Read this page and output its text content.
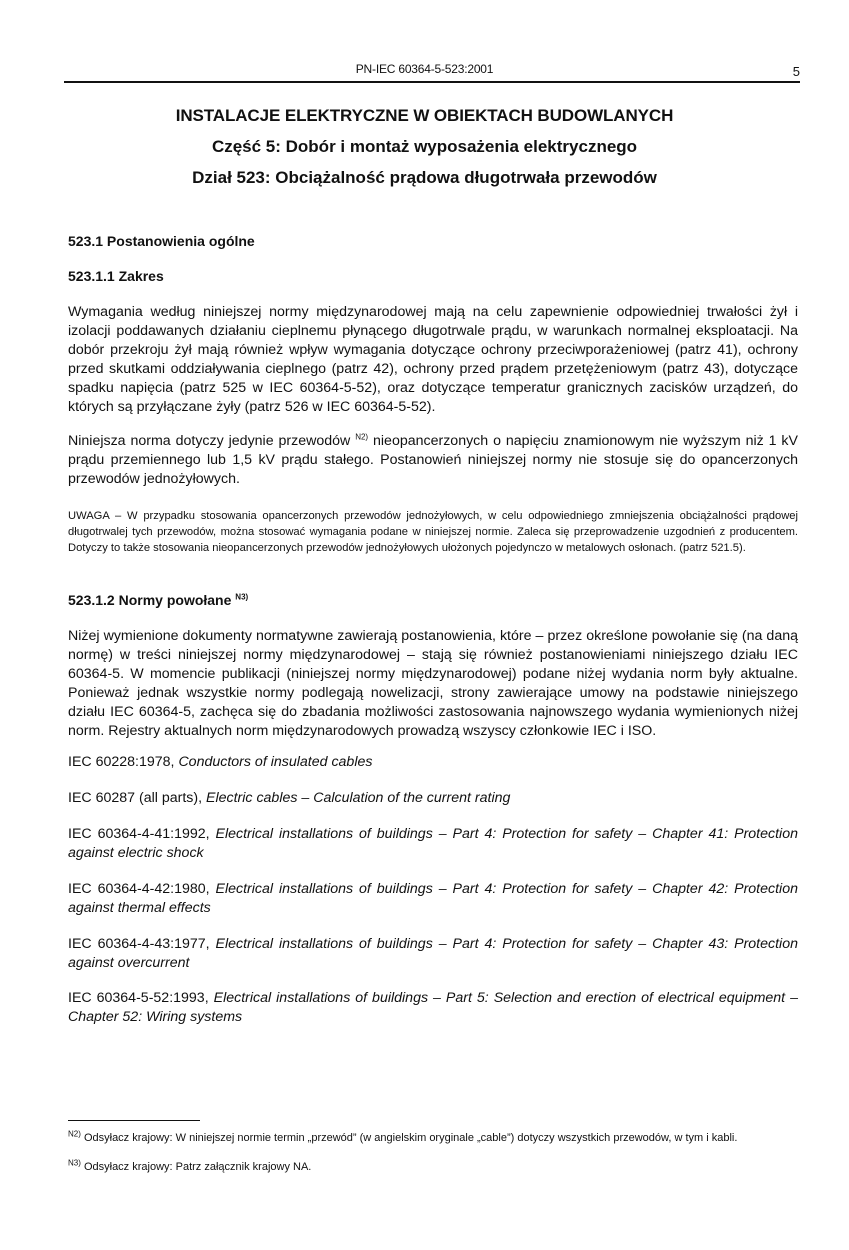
PN-IEC 60364-5-523:2001	5
INSTALACJE ELEKTRYCZNE W OBIEKTACH BUDOWLANYCH
Część 5: Dobór i montaż wyposażenia elektrycznego
Dział 523: Obciążalność prądowa długotrwała przewodów
523.1 Postanowienia ogólne
523.1.1 Zakres
Wymagania według niniejszej normy międzynarodowej mają na celu zapewnienie odpowiedniej trwałości żył i izolacji poddawanych działaniu cieplnemu płynącego długotrwale prądu, w warunkach normalnej eksploatacji. Na dobór przekroju żył mają również wpływ wymagania dotyczące ochrony przeciwporażeniowej (patrz 41), ochrony przed skutkami oddziaływania cieplnego (patrz 42), ochrony przed prądem przetężeniowym (patrz 43), dotyczące spadku napięcia (patrz 525 w IEC 60364-5-52), oraz dotyczące temperatur granicznych zacisków urządzeń, do których są przyłączane żyły (patrz 526 w IEC 60364-5-52).
Niniejsza norma dotyczy jedynie przewodów $^{N2)}$ nieopancerzonych o napięciu znamionowym nie wyższym niż 1 kV prądu przemiennego lub 1,5 kV prądu stałego. Postanowień niniejszej normy nie stosuje się do opancerzonych przewodów jednożyłowych.
UWAGA – W przypadku stosowania opancerzonych przewodów jednożyłowych, w celu odpowiedniego zmniejszenia obciążalności prądowej długotrwalej tych przewodów, można stosować wymagania podane w niniejszej normie. Zaleca się przeprowadzenie uzgodnień z producentem. Dotyczy to także stosowania nieopancerzonych przewodów jednożyłowych ułożonych pojedynczo w metalowych osłonach. (patrz 521.5).
523.1.2 Normy powołane $^{N3)}$
Niżej wymienione dokumenty normatywne zawierają postanowienia, które – przez określone powołanie się (na daną normę) w treści niniejszej normy międzynarodowej – stają się również postanowieniami niniejszego działu IEC 60364-5. W momencie publikacji (niniejszej normy międzynarodowej) podane niżej wydania norm były aktualne. Ponieważ jednak wszystkie normy podlegają nowelizacji, strony zawierające umowy na podstawie niniejszego działu IEC 60364-5, zachęca się do zbadania możliwości zastosowania najnowszego wydania wymienionych niżej norm. Rejestry aktualnych norm międzynarodowych prowadzą wszyscy członkowie IEC i ISO.
IEC 60228:1978, Conductors of insulated cables
IEC 60287 (all parts), Electric cables – Calculation of the current rating
IEC 60364-4-41:1992, Electrical installations of buildings – Part 4: Protection for safety – Chapter 41: Protection against electric shock
IEC 60364-4-42:1980, Electrical installations of buildings – Part 4: Protection for safety – Chapter 42: Protection against thermal effects
IEC 60364-4-43:1977, Electrical installations of buildings – Part 4: Protection for safety – Chapter 43: Protection against overcurrent
IEC 60364-5-52:1993, Electrical installations of buildings – Part 5: Selection and erection of electrical equipment – Chapter 52: Wiring systems
$^{N2)}$ Odsyłacz krajowy: W niniejszej normie termin „przewód” (w angielskim oryginale „cable”) dotyczy wszystkich przewodów, w tym i kabli.
$^{N3)}$ Odsyłacz krajowy: Patrz załącznik krajowy NA.
